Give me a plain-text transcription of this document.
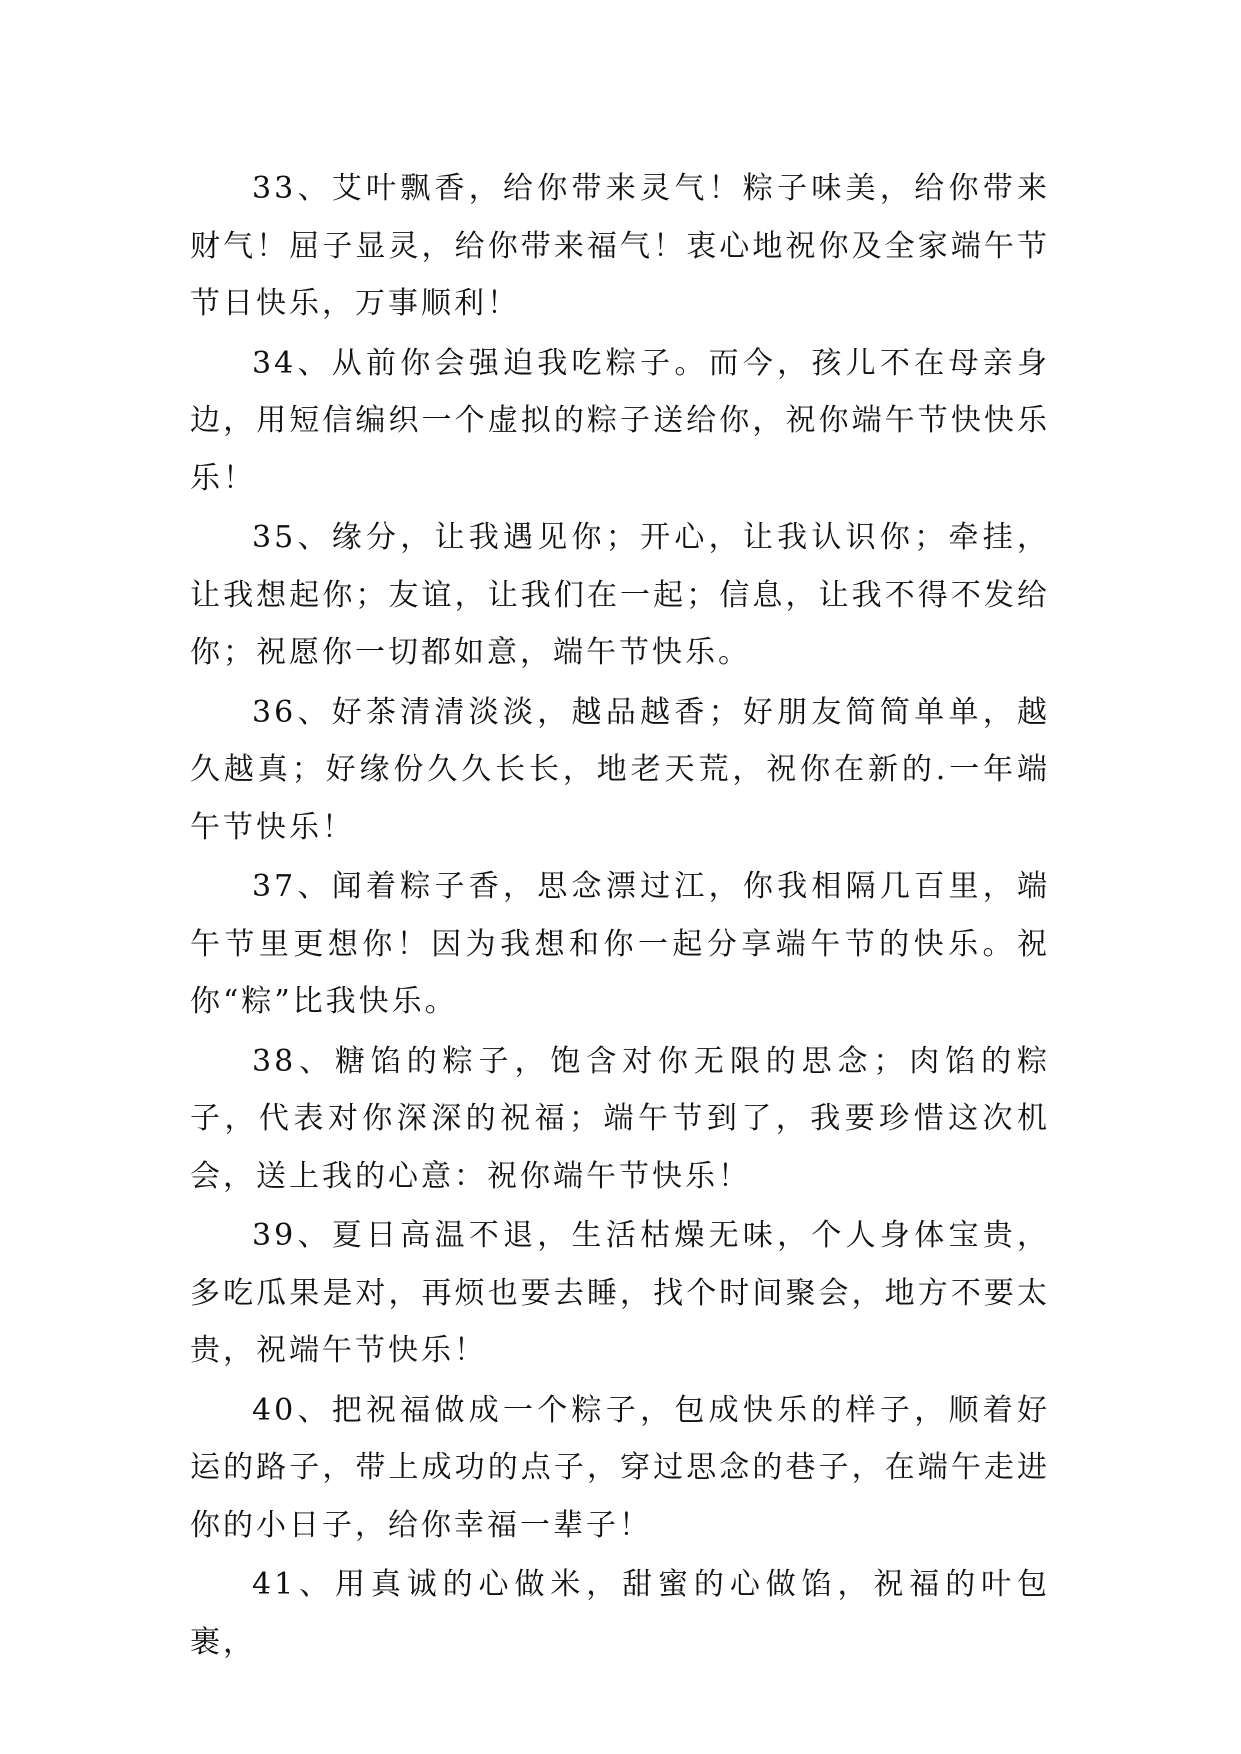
33、艾叶飘香，给你带来灵气！粽子味美，给你带来财气！屈子显灵，给你带来福气！衷心地祝你及全家端午节节日快乐，万事顺利！

34、从前你会强迫我吃粽子。而今，孩儿不在母亲身边，用短信编织一个虚拟的粽子送给你，祝你端午节快快乐乐！

35、缘分，让我遇见你；开心，让我认识你；牵挂，让我想起你；友谊，让我们在一起；信息，让我不得不发给你；祝愿你一切都如意，端午节快乐。

36、好茶清清淡淡，越品越香；好朋友简简单单，越久越真；好缘份久久长长，地老天荒，祝你在新的.一年端午节快乐！

37、闻着粽子香，思念漂过江，你我相隔几百里，端午节里更想你！因为我想和你一起分享端午节的快乐。祝你“粽”比我快乐。

38、糖馅的粽子，饱含对你无限的思念；肉馅的粽子，代表对你深深的祝福；端午节到了，我要珍惜这次机会，送上我的心意：祝你端午节快乐！

39、夏日高温不退，生活枯燥无味，个人身体宝贵，多吃瓜果是对，再烦也要去睡，找个时间聚会，地方不要太贵，祝端午节快乐！

40、把祝福做成一个粽子，包成快乐的样子，顺着好运的路子，带上成功的点子，穿过思念的巷子，在端午走进你的小日子，给你幸福一辈子！

41、用真诚的心做米，甜蜜的心做馅，祝福的叶包裹，
